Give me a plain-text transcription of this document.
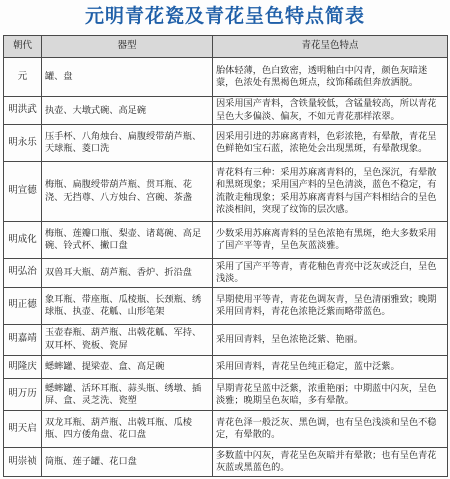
元明青花瓷及青花呈色特点简表
朝代	器型	青花呈色特点
元	罐、盘	胎体轻薄，色白致密，透明釉白中闪青，颜色灰暗迷蒙，色浓处有黑褐色斑点，纹饰稀疏但奔放洒脱。
明洪武	执壶、大墩式碗、高足碗	因采用国产青料，含铁量较低，含锰量较高，所以青花呈色大多偏淡、偏灰，不如元青花那样浓翠。
明永乐	压手杯、八角烛台、扁腹绶带葫芦瓶、天球瓶、菱口洗	因采用引进的苏麻离青料，色彩浓艳，有晕散，青花呈色鲜艳如宝石蓝，浓艳处会出现黑斑，有晕散现象。
明宣德	梅瓶、扁腹绶带葫芦瓶、贯耳瓶、花浇、无挡尊、八方烛台、宫碗、茶盏	青花料有三种：采用苏麻离青料的，呈色深沉，有晕散和黑斑现象；采用国产料的呈色清淡，蓝色不稳定，有流散走釉现象；采用苏麻离青料与国产料相结合的呈色浓淡相间，突现了纹饰的层次感。
明成化	梅瓶、莲瓣口瓶、梨壶、诸葛碗、高足碗、铃式杯、撇口盘	少数采用苏麻离青料的呈色浓艳有黑斑，绝大多数采用了国产平等青，呈色灰蓝淡雅。
明弘治	双兽耳大瓶、葫芦瓶、香炉、折沿盘	采用了国产平等青，青花釉色青亮中泛灰或泛白，呈色浅淡。
明正德	象耳瓶、带座瓶、瓜棱瓶、长颈瓶、绣球瓶、执壶、花觚、山形笔架	早期使用平等青，青花色调灰青，呈色清丽雅致；晚期采用回青料，青花色浓艳泛紫而略带蓝色。
明嘉靖	玉壶春瓶、葫芦瓶、出戟花觚、军持、双耳杯、瓷板、瓷屏	采用回青料，呈色浓艳泛紫、艳丽。
明隆庆	蟋蟀罐、提梁壶、盒、高足碗	采用回青料，青花呈色纯正稳定，蓝中泛紫。
明万历	蟋蟀罐、活环耳瓶、蒜头瓶、绣墩、插屏、盒、灵芝洗、瓷塑	早期青花呈蓝中泛紫，浓重艳丽；中期蓝中闪灰，呈色淡雅；晚期呈色灰暗，多有晕散。
明天启	双龙耳瓶、葫芦瓶、出戟耳瓶、瓜棱瓶、四方倭角盘、花口盘	青花色泽一般泛灰、黑色调，也有呈色浅淡和呈色不稳定，有晕散的。
明崇祯	筒瓶、莲子罐、花口盘	多数蓝中闪灰，青花呈色灰暗并有晕散；也有呈色青花灰蓝或黑蓝色的。
